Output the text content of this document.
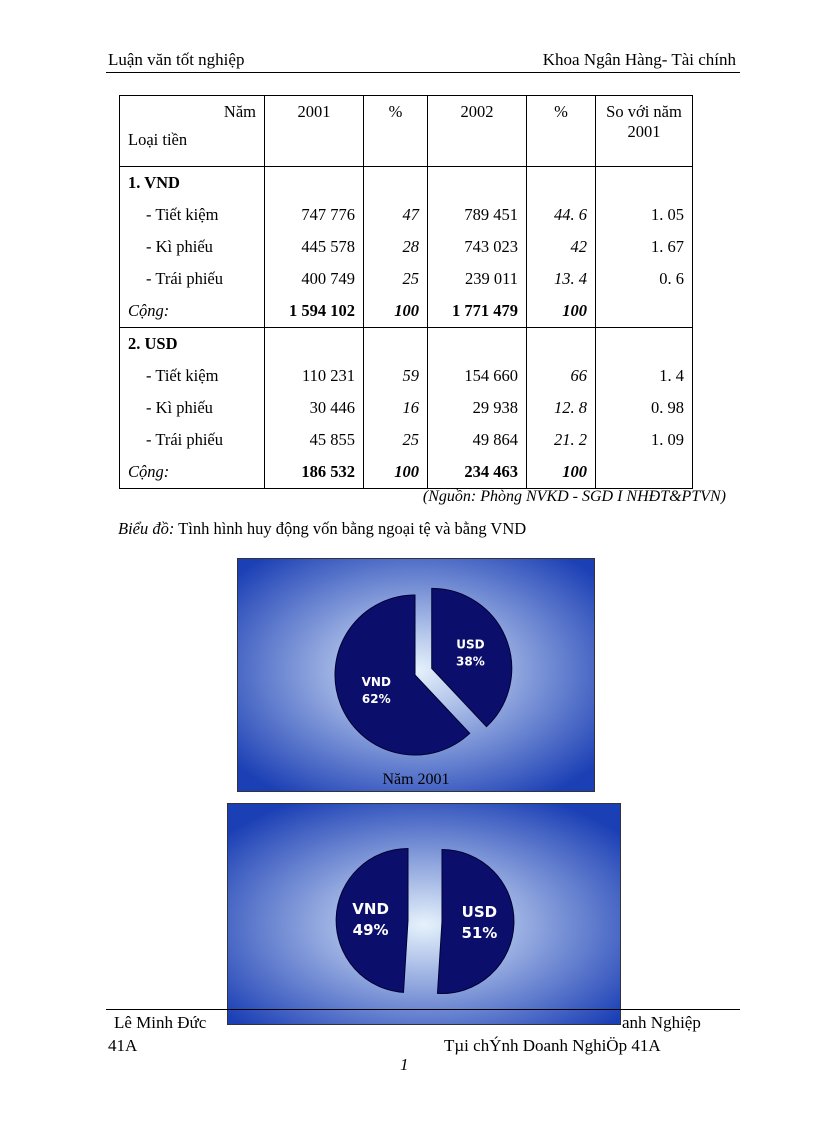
Luận văn tốt nghiệp	Khoa Ngân Hàng- Tài chính
Năm
Loại tiền	2001	%	2002	%	So với năm 2001
1. VND					
- Tiết kiệm	747 776	47	789 451	44. 6	1. 05
- Kì phiếu	445 578	28	743 023	42	1. 67
- Trái phiếu	400 749	25	239 011	13. 4	0. 6
Cộng:	1 594 102	100	1 771 479	100	
2. USD					
- Tiết kiệm	110 231	59	154 660	66	1. 4
- Kì phiếu	30 446	16	29 938	12. 8	0. 98
- Trái phiếu	45 855	25	49 864	21. 2	1. 09
Cộng:	186 532	100	234 463	100	
(Nguồn: Phòng NVKD - SGD I NHĐT&PTVN)
Biểu đồ: Tình hình huy động vốn bằng ngoại tệ và bằng VND
USD
38%
VND
62%
Năm 2001
USD
51%
VND
49%
Lê Minh Đức
41A
anh Nghiệp
Tµi chÝnh Doanh NghiÖp 41A
1
